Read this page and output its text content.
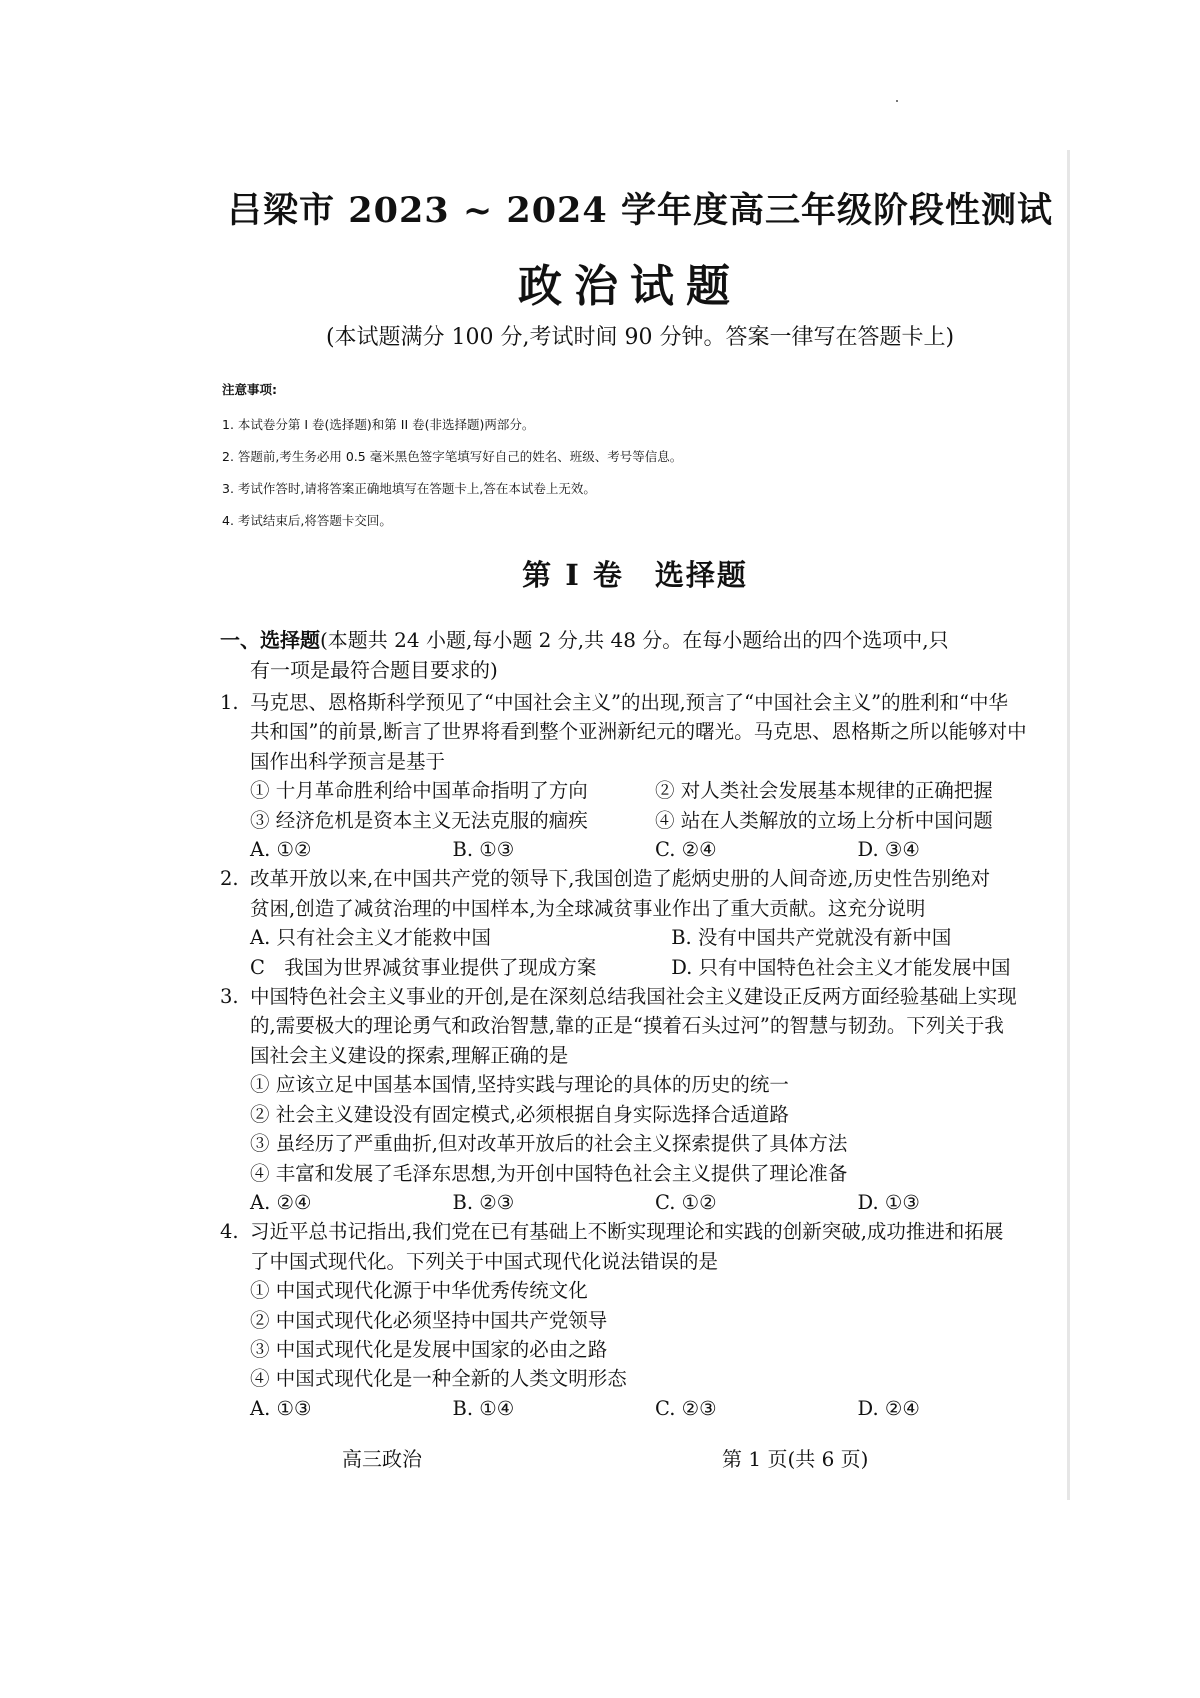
吕梁市 2023 ~ 2024 学年度高三年级阶段性测试
政治试题
(本试题满分 100 分,考试时间 90 分钟。答案一律写在答题卡上)
注意事项:
1. 本试卷分第 I 卷(选择题)和第 II 卷(非选择题)两部分。
2. 答题前,考生务必用 0.5 毫米黑色签字笔填写好自己的姓名、班级、考号等信息。
3. 考试作答时,请将答案正确地填写在答题卡上,答在本试卷上无效。
4. 考试结束后,将答题卡交回。
第 I 卷　选择题
一、选择题(本题共 24 小题,每小题 2 分,共 48 分。在每小题给出的四个选项中,只
有一项是最符合题目要求的)
1. 马克思、恩格斯科学预见了“中国社会主义”的出现,预言了“中国社会主义”的胜利和“中华
共和国”的前景,断言了世界将看到整个亚洲新纪元的曙光。马克思、恩格斯之所以能够对中
国作出科学预言是基于
① 十月革命胜利给中国革命指明了方向	② 对人类社会发展基本规律的正确把握
③ 经济危机是资本主义无法克服的痼疾	④ 站在人类解放的立场上分析中国问题
A. ①②	B. ①③	C. ②④	D. ③④
2. 改革开放以来,在中国共产党的领导下,我国创造了彪炳史册的人间奇迹,历史性告别绝对
贫困,创造了减贫治理的中国样本,为全球减贫事业作出了重大贡献。这充分说明
A. 只有社会主义才能救中国	B. 没有中国共产党就没有新中国
C　我国为世界减贫事业提供了现成方案	D. 只有中国特色社会主义才能发展中国
3. 中国特色社会主义事业的开创,是在深刻总结我国社会主义建设正反两方面经验基础上实现
的,需要极大的理论勇气和政治智慧,靠的正是“摸着石头过河”的智慧与韧劲。下列关于我
国社会主义建设的探索,理解正确的是
① 应该立足中国基本国情,坚持实践与理论的具体的历史的统一
② 社会主义建设没有固定模式,必须根据自身实际选择合适道路
③ 虽经历了严重曲折,但对改革开放后的社会主义探索提供了具体方法
④ 丰富和发展了毛泽东思想,为开创中国特色社会主义提供了理论准备
A. ②④	B. ②③	C. ①②	D. ①③
4. 习近平总书记指出,我们党在已有基础上不断实现理论和实践的创新突破,成功推进和拓展
了中国式现代化。下列关于中国式现代化说法错误的是
① 中国式现代化源于中华优秀传统文化
② 中国式现代化必须坚持中国共产党领导
③ 中国式现代化是发展中国家的必由之路
④ 中国式现代化是一种全新的人类文明形态
A. ①③	B. ①④	C. ②③	D. ②④
高三政治	第 1 页(共 6 页)
